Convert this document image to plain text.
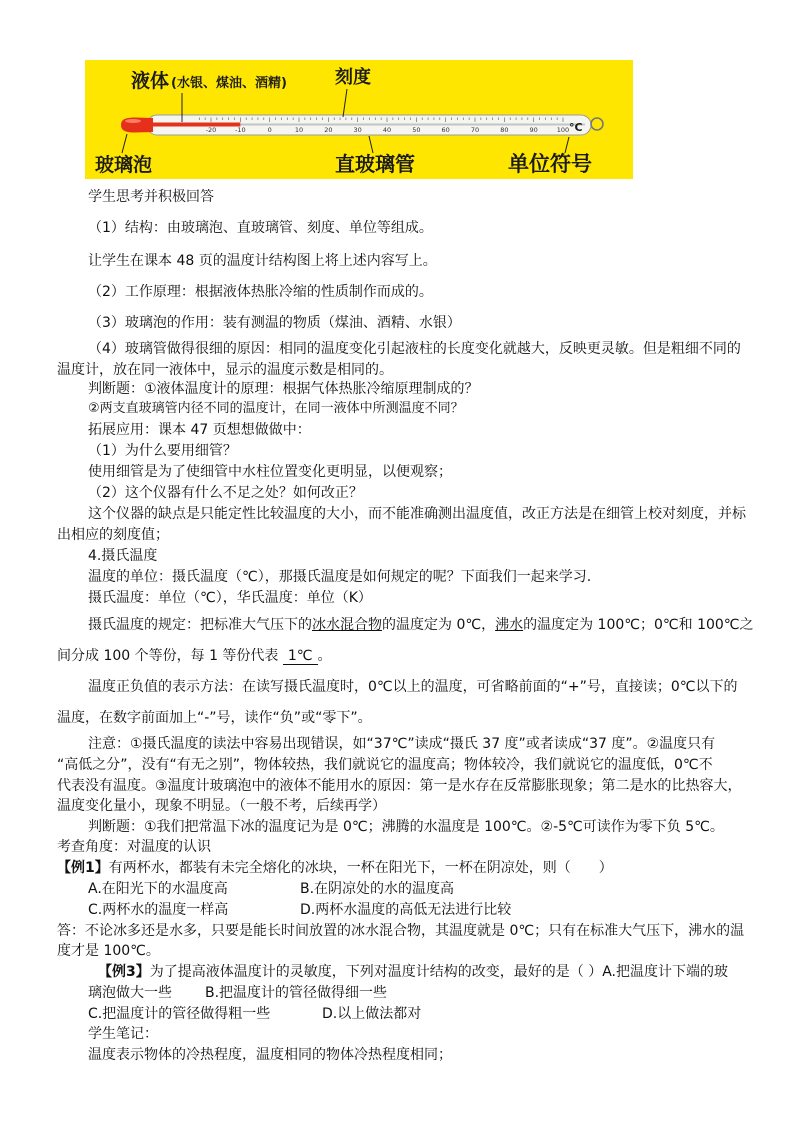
-20	-10	0	10	20	30	40	50	60	70	80	90	100 °C
液体 (水银、煤油、酒精)	刻度
玻璃泡	直玻璃管	单位符号
学生思考并积极回答
（1）结构：由玻璃泡、直玻璃管、刻度、单位等组成。
让学生在课本 48 页的温度计结构图上将上述内容写上。
（2）工作原理：根据液体热胀冷缩的性质制作而成的。
（3）玻璃泡的作用：装有测温的物质（煤油、酒精、水银）
（4）玻璃管做得很细的原因：相同的温度变化引起液柱的长度变化就越大，反映更灵敏。但是粗细不同的
温度计，放在同一液体中，显示的温度示数是相同的。
判断题：①液体温度计的原理：根据气体热胀冷缩原理制成的？
②两支直玻璃管内径不同的温度计，在同一液体中所测温度不同？
拓展应用：课本 47 页想想做做中：
（1）为什么要用细管？
使用细管是为了使细管中水柱位置变化更明显，以便观察；
（2）这个仪器有什么不足之处？如何改正？
这个仪器的缺点是只能定性比较温度的大小，而不能准确测出温度值，改正方法是在细管上校对刻度，并标
出相应的刻度值；
4.摄氏温度
温度的单位：摄氏温度（℃），那摄氏温度是如何规定的呢？下面我们一起来学习.
摄氏温度：单位（℃），华氏温度：单位（K）
摄氏温度的规定：把标准大气压下的冰水混合物的温度定为 0℃，沸水的温度定为 100℃；0℃和 100℃之
间分成 100 个等份，每 1 等份代表 1℃ 。
温度正负值的表示方法：在读写摄氏温度时，0℃以上的温度，可省略前面的“+”号，直接读；0℃以下的
温度，在数字前面加上“-”号，读作“负”或“零下”。
注意：①摄氏温度的读法中容易出现错误，如“37℃”读成“摄氏 37 度”或者读成“37 度”。②温度只有
“高低之分”，没有“有无之别”，物体较热，我们就说它的温度高；物体较冷，我们就说它的温度低，0℃不
代表没有温度。③温度计玻璃泡中的液体不能用水的原因：第一是水存在反常膨胀现象；第二是水的比热容大，
温度变化量小，现象不明显。（一般不考，后续再学）
判断题：①我们把常温下冰的温度记为是 0℃；沸腾的水温度是 100℃。②-5℃可读作为零下负 5℃。
考查角度：对温度的认识
【例1】有两杯水，都装有未完全熔化的冰块，一杯在阳光下，一杯在阴凉处，则（　　）
A.在阳光下的水温度高	B.在阴凉处的水的温度高
C.两杯水的温度一样高	D.两杯水温度的高低无法进行比较
答：不论冰多还是水多，只要是能长时间放置的冰水混合物，其温度就是 0℃；只有在标准大气压下，沸水的温
度才是 100℃。
【例3】为了提高液体温度计的灵敏度，下列对温度计结构的改变，最好的是（ ）A.把温度计下端的玻
璃泡做大一些 B.把温度计的管径做得细一些
C.把温度计的管径做得粗一些	D.以上做法都对
学生笔记：
温度表示物体的冷热程度，温度相同的物体冷热程度相同；
